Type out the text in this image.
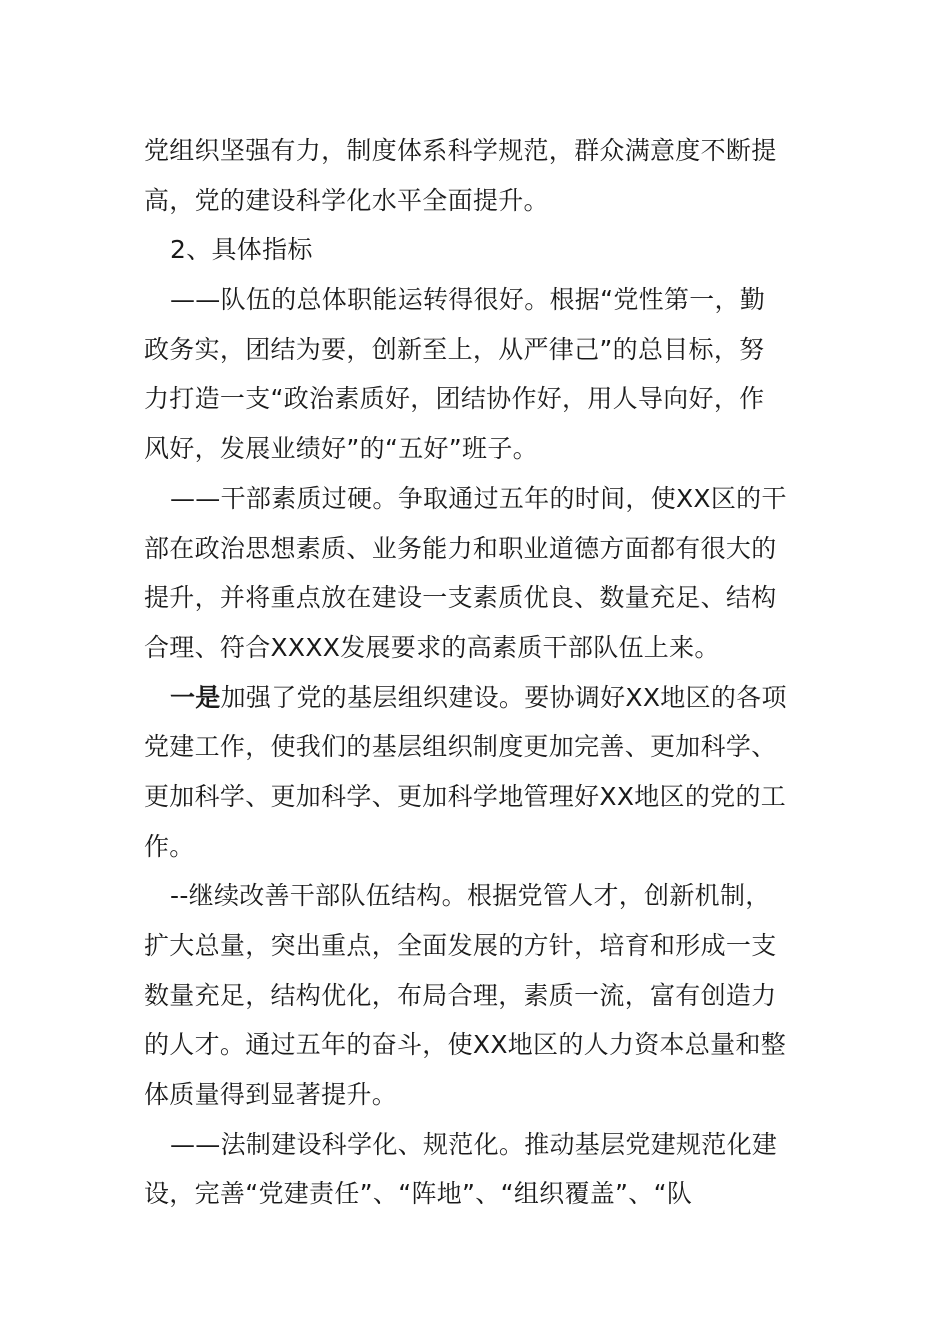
党组织坚强有力，制度体系科学规范，群众满意度不断提
高，党的建设科学化水平全面提升。
2、具体指标
——队伍的总体职能运转得很好。根据“党性第一，勤
政务实，团结为要，创新至上，从严律己”的总目标，努
力打造一支“政治素质好，团结协作好，用人导向好，作
风好，发展业绩好”的“五好”班子。
——干部素质过硬。争取通过五年的时间，使XX区的干
部在政治思想素质、业务能力和职业道德方面都有很大的
提升，并将重点放在建设一支素质优良、数量充足、结构
合理、符合XXXX发展要求的高素质干部队伍上来。
一是加强了党的基层组织建设。要协调好XX地区的各项
党建工作，使我们的基层组织制度更加完善、更加科学、
更加科学、更加科学、更加科学地管理好XX地区的党的工
作。
--继续改善干部队伍结构。根据党管人才，创新机制，
扩大总量，突出重点，全面发展的方针，培育和形成一支
数量充足，结构优化，布局合理，素质一流，富有创造力
的人才。通过五年的奋斗，使XX地区的人力资本总量和整
体质量得到显著提升。
——法制建设科学化、规范化。推动基层党建规范化建
设，完善“党建责任”、“阵地”、“组织覆盖”、“队
